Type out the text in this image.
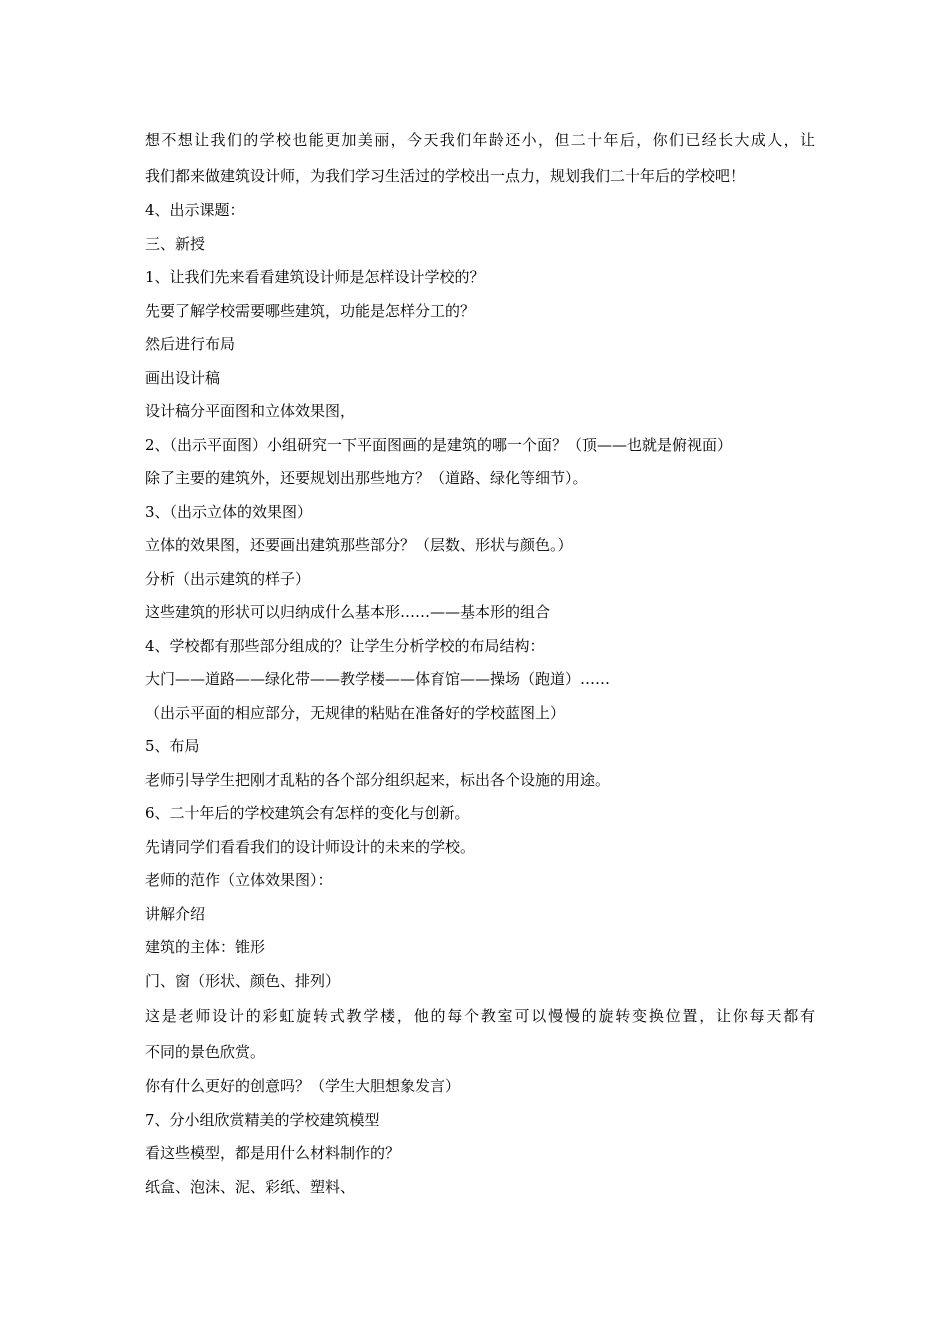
想不想让我们的学校也能更加美丽，今天我们年龄还小，但二十年后，你们已经长大成人，让
我们都来做建筑设计师，为我们学习生活过的学校出一点力，规划我们二十年后的学校吧！
4、出示课题：
三、新授
1、让我们先来看看建筑设计师是怎样设计学校的？
先要了解学校需要哪些建筑，功能是怎样分工的？
然后进行布局
画出设计稿
设计稿分平面图和立体效果图，
2、（出示平面图）小组研究一下平面图画的是建筑的哪一个面？（顶——也就是俯视面）
除了主要的建筑外，还要规划出那些地方？（道路、绿化等细节）。
3、（出示立体的效果图）
立体的效果图，还要画出建筑那些部分？（层数、形状与颜色。）
分析（出示建筑的样子）
这些建筑的形状可以归纳成什么基本形……——基本形的组合
4、学校都有那些部分组成的？让学生分析学校的布局结构：
大门——道路——绿化带——教学楼——体育馆——操场（跑道）……
（出示平面的相应部分，无规律的粘贴在准备好的学校蓝图上）
5、布局
老师引导学生把刚才乱粘的各个部分组织起来，标出各个设施的用途。
6、二十年后的学校建筑会有怎样的变化与创新。
先请同学们看看我们的设计师设计的未来的学校。
老师的范作（立体效果图）：
讲解介绍
建筑的主体：锥形
门、窗（形状、颜色、排列）
这是老师设计的彩虹旋转式教学楼，他的每个教室可以慢慢的旋转变换位置，让你每天都有
不同的景色欣赏。
你有什么更好的创意吗？（学生大胆想象发言）
7、分小组欣赏精美的学校建筑模型
看这些模型，都是用什么材料制作的？
纸盒、泡沫、泥、彩纸、塑料、
